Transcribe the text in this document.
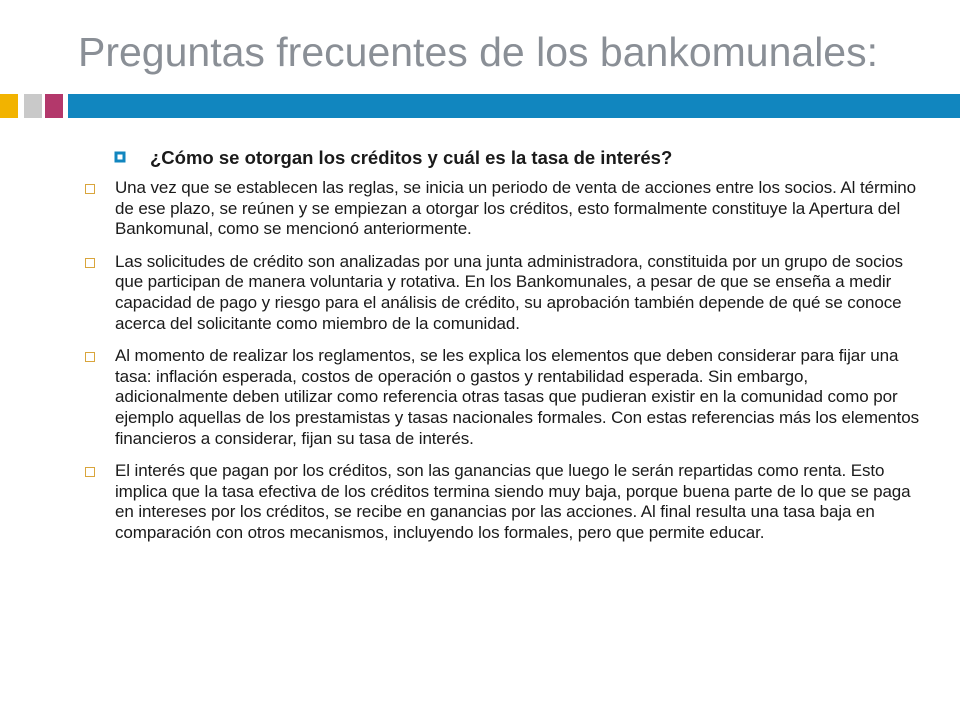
Preguntas frecuentes de los bankomunales:
¿Cómo se otorgan los créditos y cuál es la tasa de interés?
Una vez que se establecen las reglas, se inicia un periodo de venta de acciones entre los socios. Al término de ese plazo, se reúnen y se empiezan a otorgar los créditos, esto formalmente constituye la Apertura del Bankomunal, como se mencionó anteriormente.
Las solicitudes de crédito son analizadas por una junta administradora, constituida por un grupo de socios que participan de manera voluntaria y rotativa. En los Bankomunales, a pesar de que se enseña a medir capacidad de pago y riesgo para el análisis de crédito, su aprobación también depende de qué se conoce acerca del solicitante como miembro de la comunidad.
Al momento de realizar los reglamentos, se les explica los elementos que deben considerar para fijar una tasa: inflación esperada, costos de operación o gastos y rentabilidad esperada. Sin embargo, adicionalmente deben utilizar como referencia otras tasas que pudieran existir en la comunidad como por ejemplo aquellas de los prestamistas y tasas nacionales formales. Con estas referencias más los elementos financieros a considerar, fijan su tasa de interés.
El interés que pagan por los créditos, son las ganancias que luego le serán repartidas como renta. Esto implica que la tasa efectiva de los créditos termina siendo muy baja, porque buena parte de lo que se paga en intereses por los créditos, se recibe en ganancias por las acciones. Al final resulta una tasa baja en comparación con otros mecanismos, incluyendo los formales, pero que permite educar.
